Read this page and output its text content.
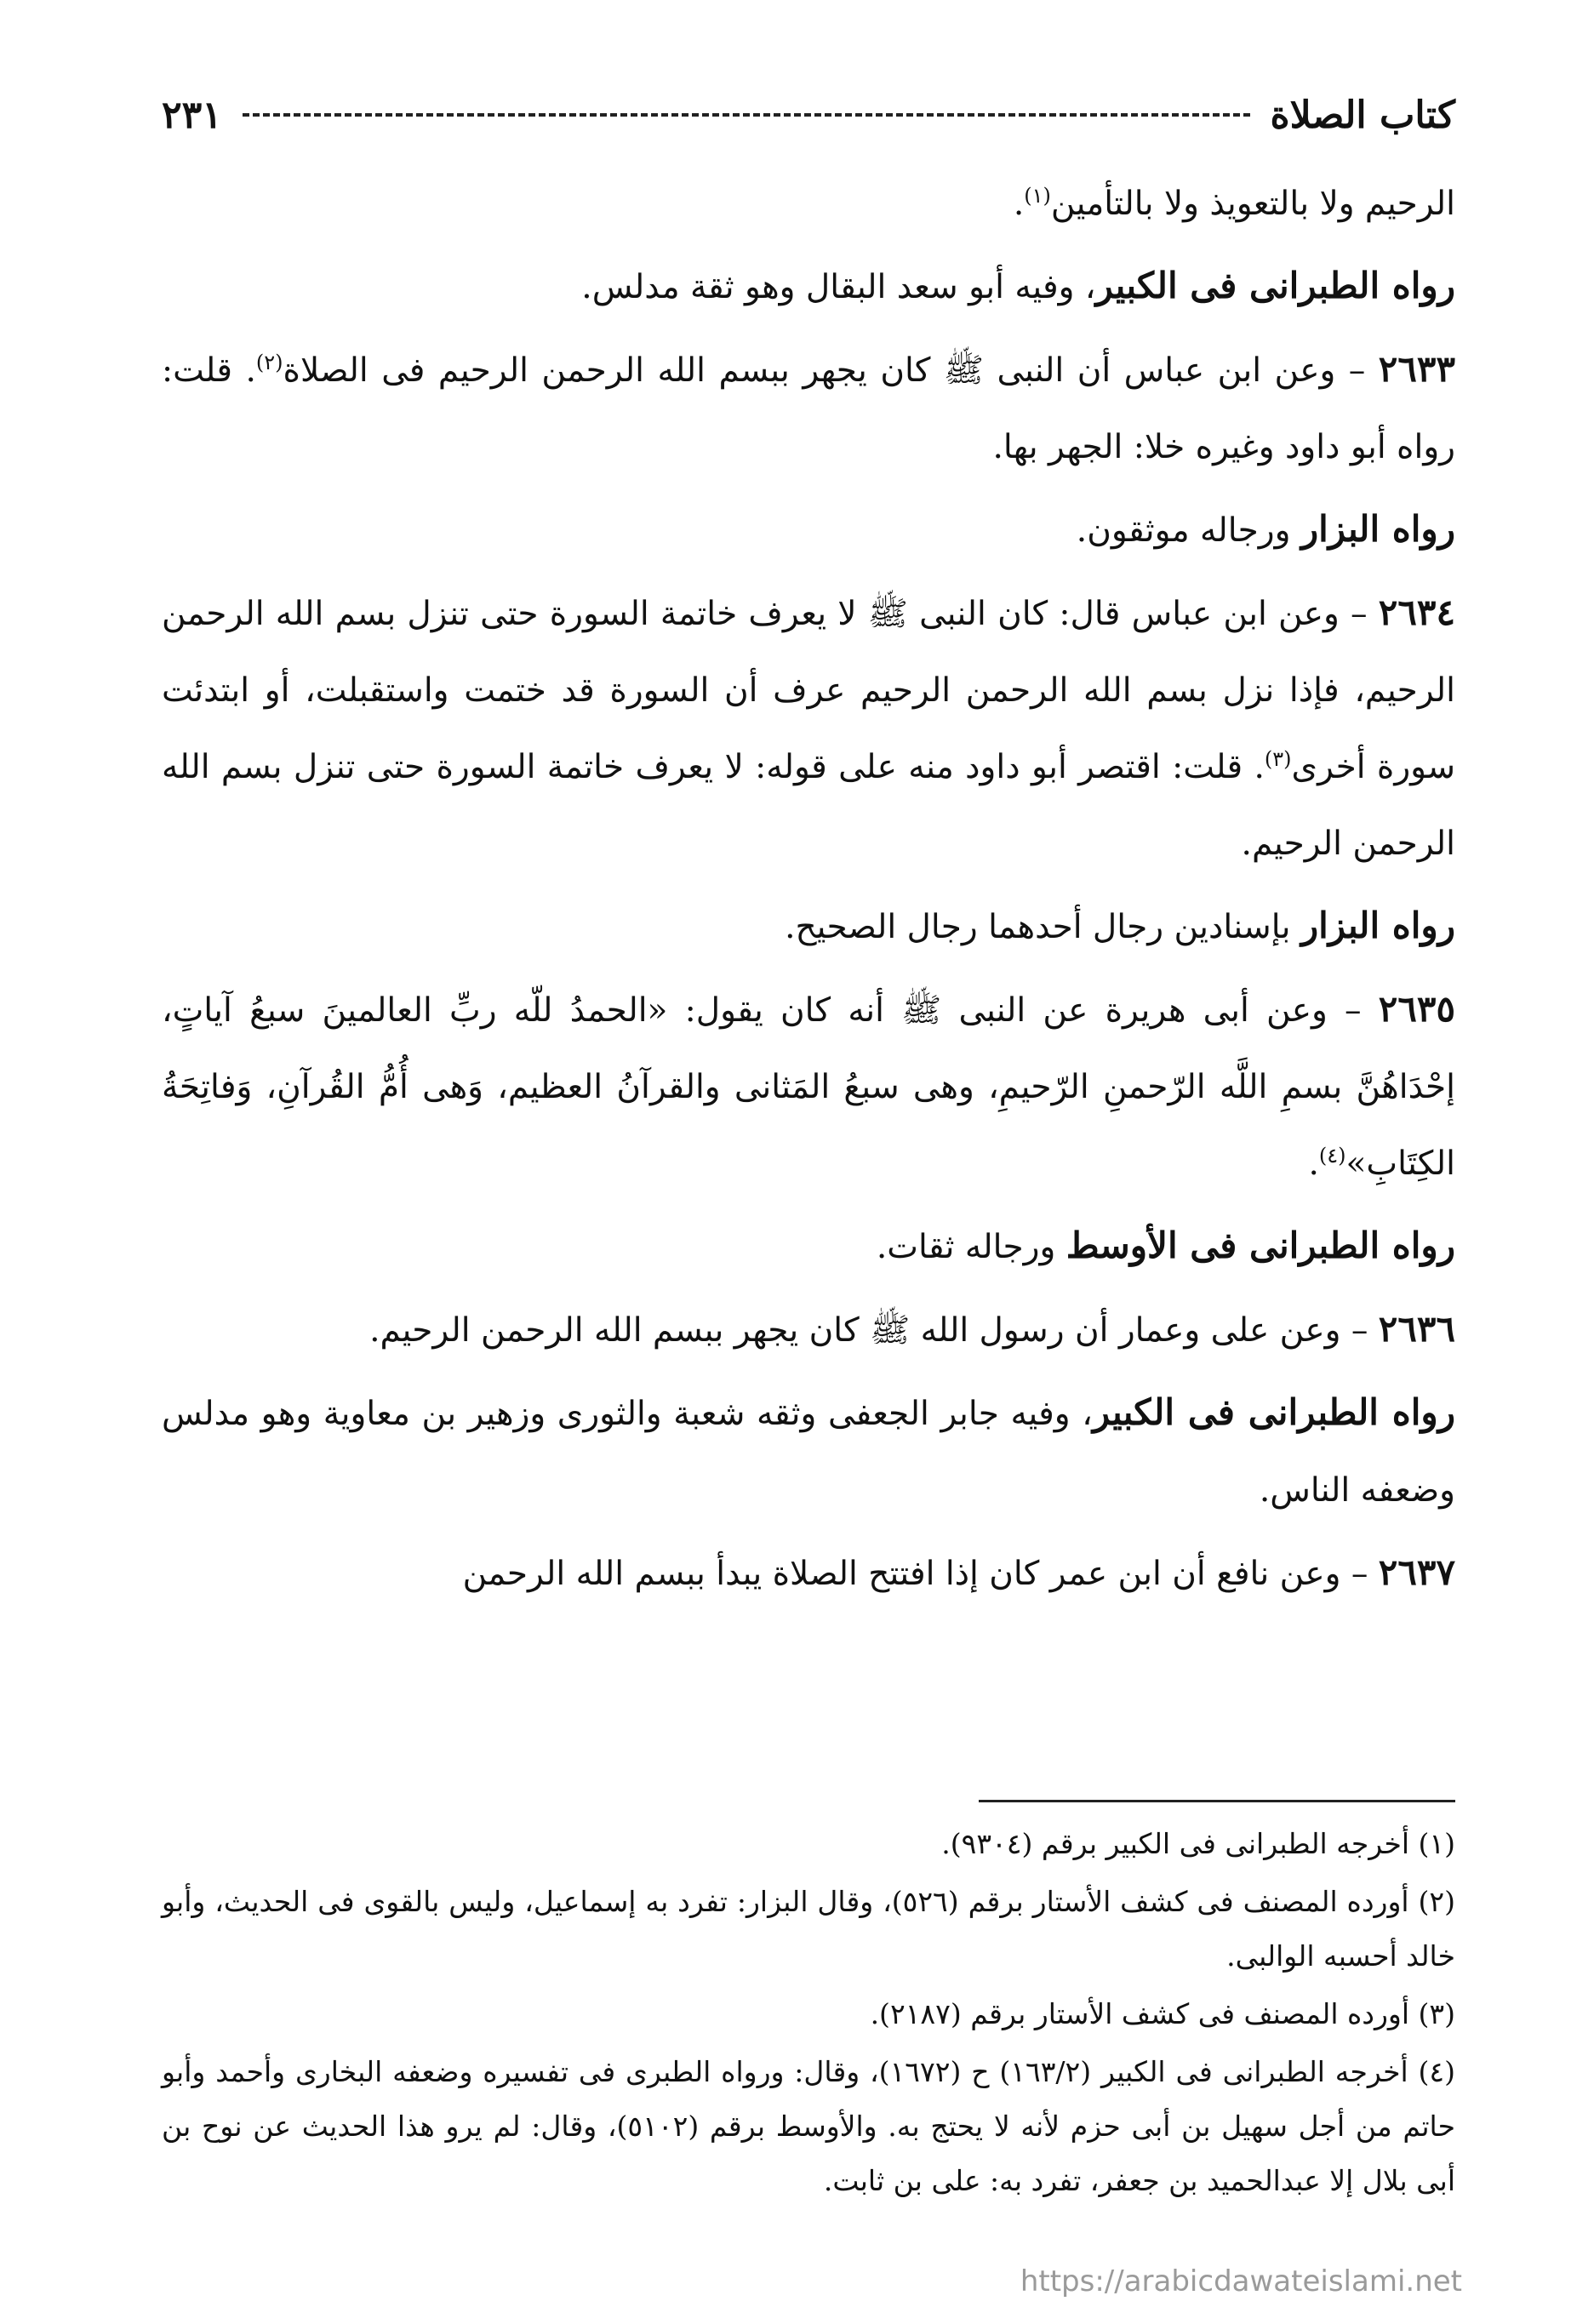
كتاب الصلاة
٢٣١

الرحيم ولا بالتعويذ ولا بالتأمين$^{(١)}$.

رواه الطبرانى فى الكبير، وفيه أبو سعد البقال وهو ثقة مدلس.

٢٦٣٣ – وعن ابن عباس أن النبى ﷺ كان يجهر ببسم الله الرحمن الرحيم فى الصلاة$^{(٢)}$. قلت: رواه أبو داود وغيره خلا: الجهر بها.

رواه البزار ورجاله موثقون.

٢٦٣٤ – وعن ابن عباس قال: كان النبى ﷺ لا يعرف خاتمة السورة حتى تنزل بسم الله الرحمن الرحيم، فإذا نزل بسم الله الرحمن الرحيم عرف أن السورة قد ختمت واستقبلت، أو ابتدئت سورة أخرى$^{(٣)}$. قلت: اقتصر أبو داود منه على قوله: لا يعرف خاتمة السورة حتى تنزل بسم الله الرحمن الرحيم.

رواه البزار بإسنادين رجال أحدهما رجال الصحيح.

٢٦٣٥ – وعن أبى هريرة عن النبى ﷺ أنه كان يقول: «الحمدُ للّه ربِّ العالمينَ سبعُ آياتٍ، إحْدَاهُنَّ بسمِ اللَّه الرّحمنِ الرّحيمِ، وهى سبعُ المَثانى والقرآنُ العظيم، وَهى أُمُّ القُرآنِ، وَفاتِحَةُ الكِتَابِ»$^{(٤)}$.

رواه الطبرانى فى الأوسط ورجاله ثقات.

٢٦٣٦ – وعن على وعمار أن رسول الله ﷺ كان يجهر ببسم الله الرحمن الرحيم.

رواه الطبرانى فى الكبير، وفيه جابر الجعفى وثقه شعبة والثورى وزهير بن معاوية وهو مدلس وضعفه الناس.

٢٦٣٧ – وعن نافع أن ابن عمر كان إذا افتتح الصلاة يبدأ ببسم الله الرحمن

(١) أخرجه الطبرانى فى الكبير برقم (٩٣٠٤).

(٢) أورده المصنف فى كشف الأستار برقم (٥٢٦)، وقال البزار: تفرد به إسماعيل، وليس بالقوى فى الحديث، وأبو خالد أحسبه الوالبى.

(٣) أورده المصنف فى كشف الأستار برقم (٢١٨٧).

(٤) أخرجه الطبرانى فى الكبير (١٦٣/٢) ح (١٦٧٢)، وقال: ورواه الطبرى فى تفسيره وضعفه البخارى وأحمد وأبو حاتم من أجل سهيل بن أبى حزم لأنه لا يحتج به. والأوسط برقم (٥١٠٢)، وقال: لم يرو هذا الحديث عن نوح بن أبى بلال إلا عبدالحميد بن جعفر، تفرد به: على بن ثابت.

https://arabicdawateislami.net
